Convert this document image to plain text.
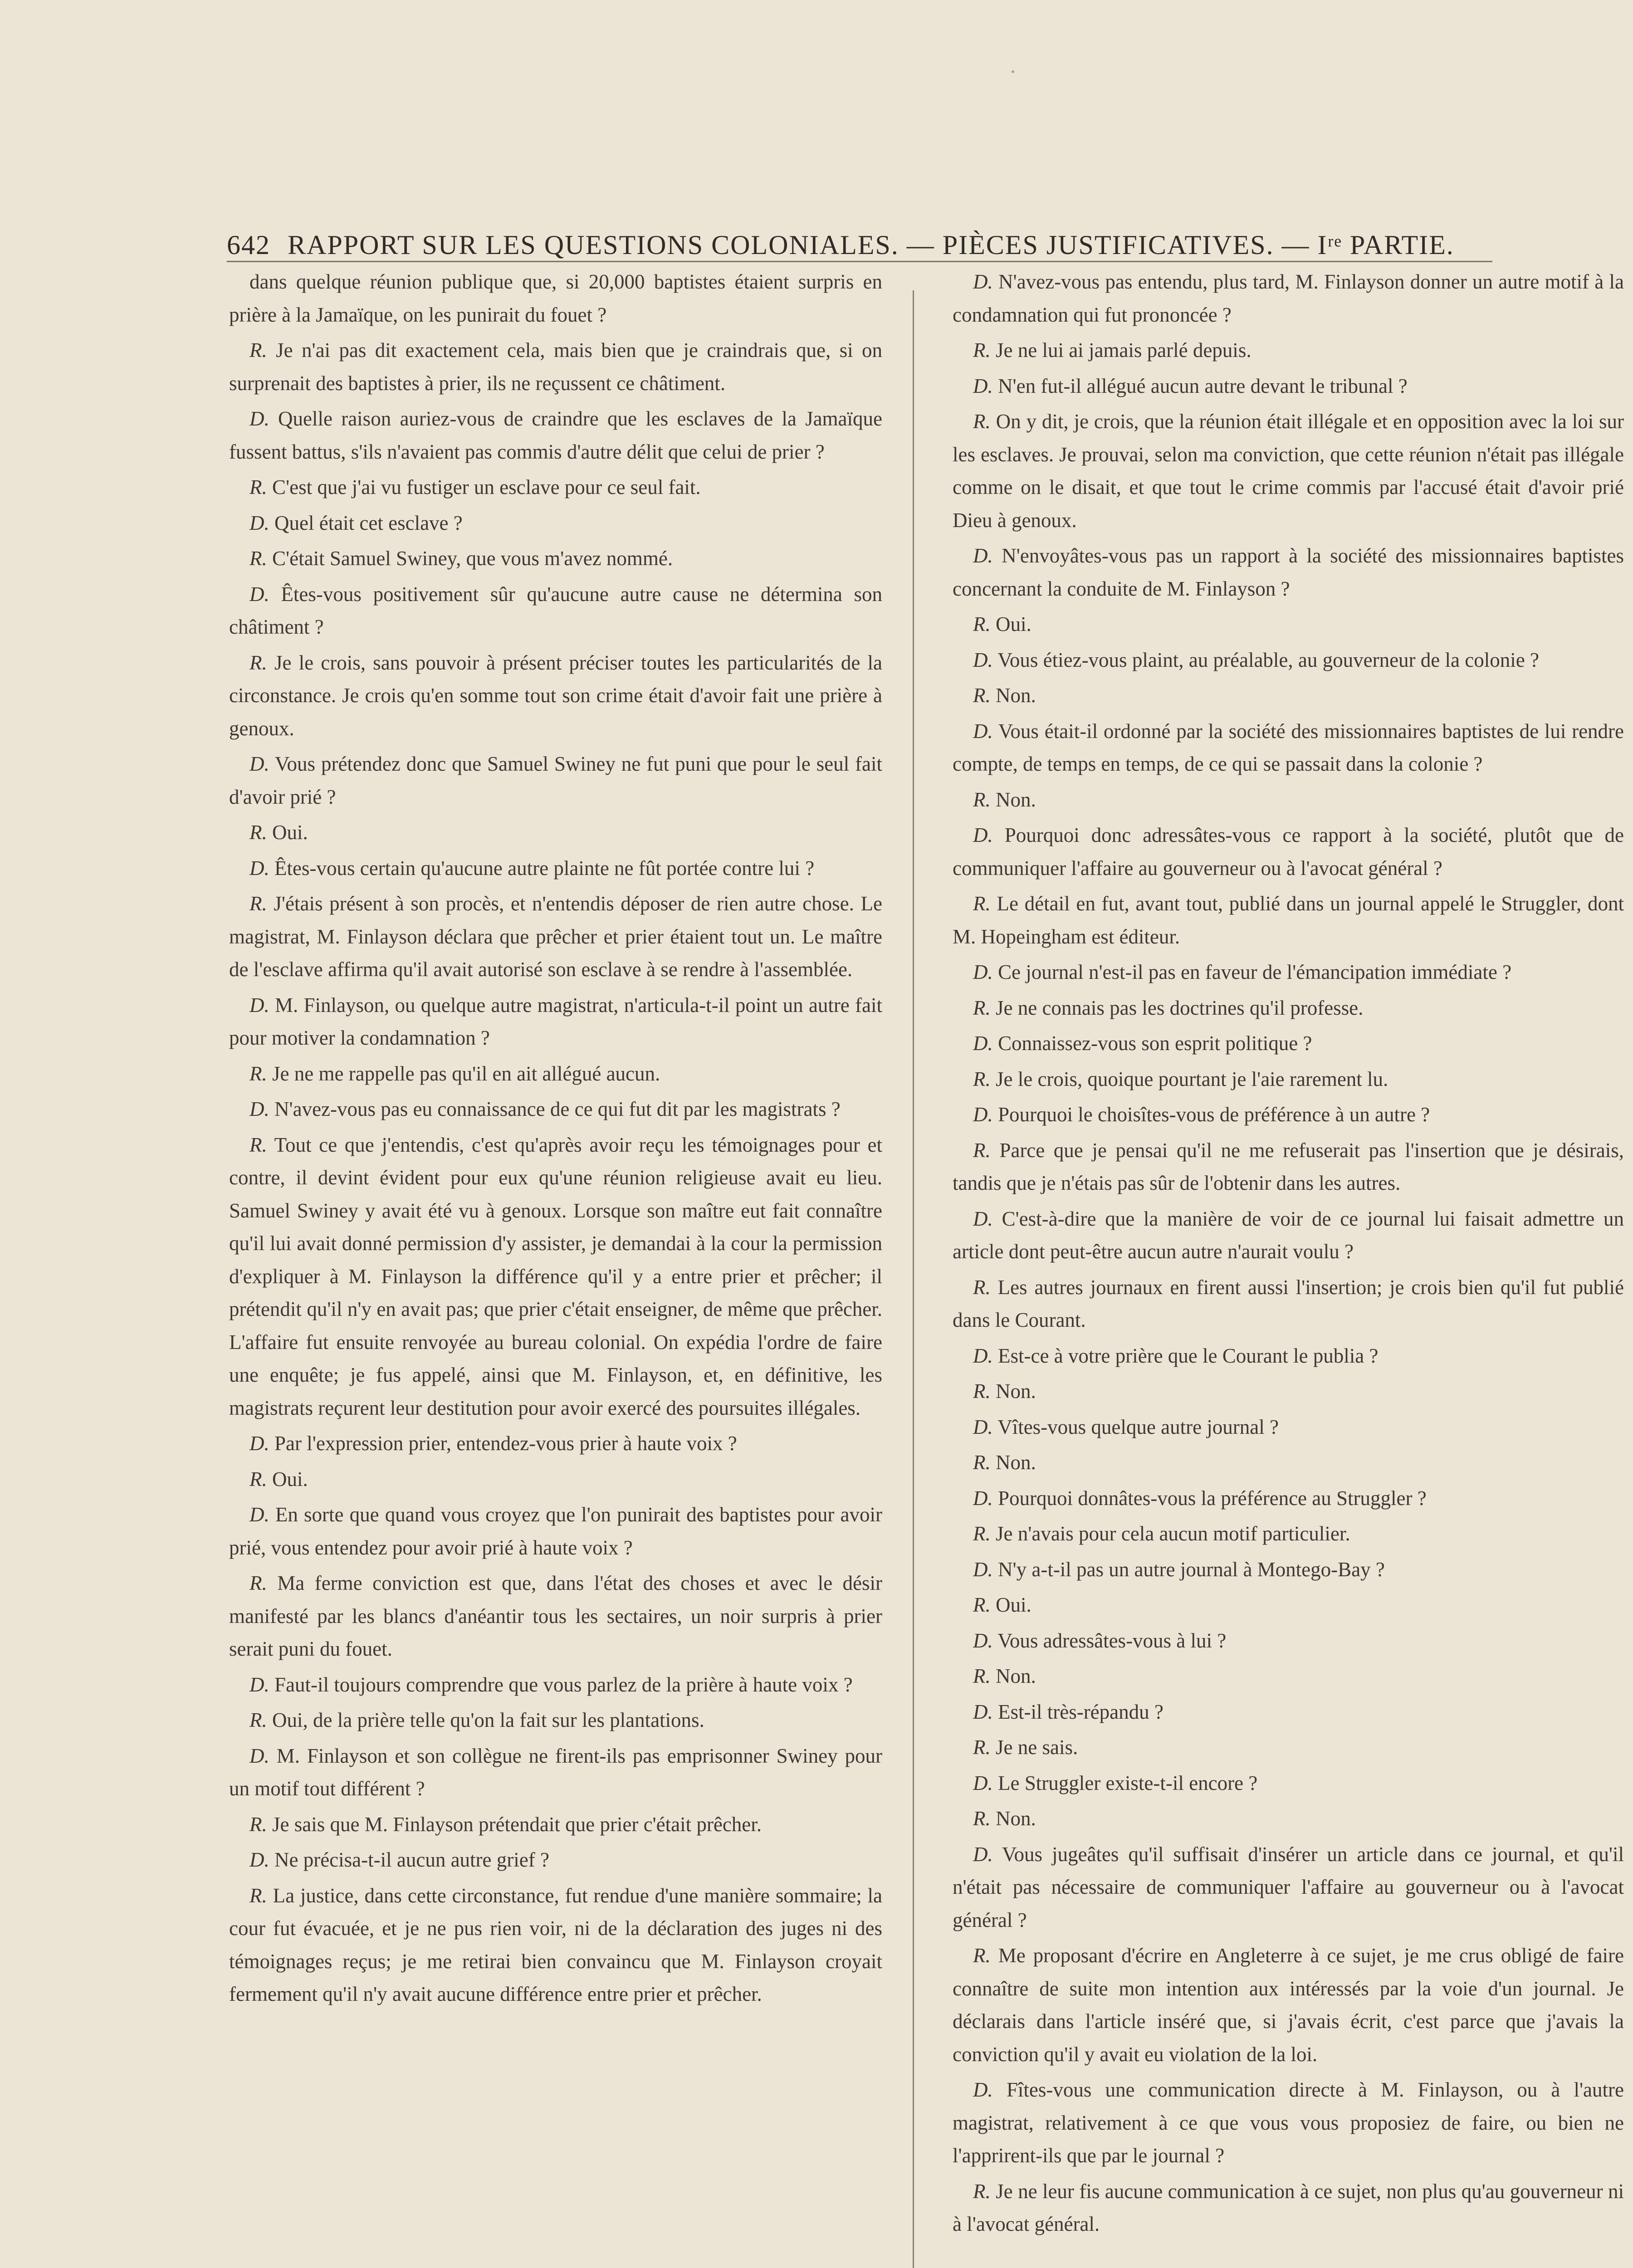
642 RAPPORT SUR LES QUESTIONS COLONIALES. — PIÈCES JUSTIFICATIVES. — Iʳᵉ PARTIE.

dans quelque réunion publique que, si 20,000 baptistes étaient surpris en prière à la Jamaïque, on les punirait du fouet ?

R. Je n'ai pas dit exactement cela, mais bien que je craindrais que, si on surprenait des baptistes à prier, ils ne reçussent ce châtiment.

D. Quelle raison auriez-vous de craindre que les esclaves de la Jamaïque fussent battus, s'ils n'avaient pas commis d'autre délit que celui de prier ?

R. C'est que j'ai vu fustiger un esclave pour ce seul fait.

D. Quel était cet esclave ?

R. C'était Samuel Swiney, que vous m'avez nommé.

D. Êtes-vous positivement sûr qu'aucune autre cause ne détermina son châtiment ?

R. Je le crois, sans pouvoir à présent préciser toutes les particularités de la circonstance. Je crois qu'en somme tout son crime était d'avoir fait une prière à genoux.

D. Vous prétendez donc que Samuel Swiney ne fut puni que pour le seul fait d'avoir prié ?

R. Oui.

D. Êtes-vous certain qu'aucune autre plainte ne fût portée contre lui ?

R. J'étais présent à son procès, et n'entendis déposer de rien autre chose. Le magistrat, M. Finlayson déclara que prêcher et prier étaient tout un. Le maître de l'esclave affirma qu'il avait autorisé son esclave à se rendre à l'assemblée.

D. M. Finlayson, ou quelque autre magistrat, n'articula-t-il point un autre fait pour motiver la condamnation ?

R. Je ne me rappelle pas qu'il en ait allégué aucun.

D. N'avez-vous pas eu connaissance de ce qui fut dit par les magistrats ?

R. Tout ce que j'entendis, c'est qu'après avoir reçu les témoignages pour et contre, il devint évident pour eux qu'une réunion religieuse avait eu lieu. Samuel Swiney y avait été vu à genoux. Lorsque son maître eut fait connaître qu'il lui avait donné permission d'y assister, je demandai à la cour la permission d'expliquer à M. Finlayson la différence qu'il y a entre prier et prêcher; il prétendit qu'il n'y en avait pas; que prier c'était enseigner, de même que prêcher. L'affaire fut ensuite renvoyée au bureau colonial. On expédia l'ordre de faire une enquête; je fus appelé, ainsi que M. Finlayson, et, en définitive, les magistrats reçurent leur destitution pour avoir exercé des poursuites illégales.

D. Par l'expression prier, entendez-vous prier à haute voix ?

R. Oui.

D. En sorte que quand vous croyez que l'on punirait des baptistes pour avoir prié, vous entendez pour avoir prié à haute voix ?

R. Ma ferme conviction est que, dans l'état des choses et avec le désir manifesté par les blancs d'anéantir tous les sectaires, un noir surpris à prier serait puni du fouet.

D. Faut-il toujours comprendre que vous parlez de la prière à haute voix ?

R. Oui, de la prière telle qu'on la fait sur les plantations.

D. M. Finlayson et son collègue ne firent-ils pas emprisonner Swiney pour un motif tout différent ?

R. Je sais que M. Finlayson prétendait que prier c'était prêcher.

D. Ne précisa-t-il aucun autre grief ?

R. La justice, dans cette circonstance, fut rendue d'une manière sommaire; la cour fut évacuée, et je ne pus rien voir, ni de la déclaration des juges ni des témoignages reçus; je me retirai bien convaincu que M. Finlayson croyait fermement qu'il n'y avait aucune différence entre prier et prêcher.

D. N'avez-vous pas entendu, plus tard, M. Finlayson donner un autre motif à la condamnation qui fut prononcée ?

R. Je ne lui ai jamais parlé depuis.

D. N'en fut-il allégué aucun autre devant le tribunal ?

R. On y dit, je crois, que la réunion était illégale et en opposition avec la loi sur les esclaves. Je prouvai, selon ma conviction, que cette réunion n'était pas illégale comme on le disait, et que tout le crime commis par l'accusé était d'avoir prié Dieu à genoux.

D. N'envoyâtes-vous pas un rapport à la société des missionnaires baptistes concernant la conduite de M. Finlayson ?

R. Oui.

D. Vous étiez-vous plaint, au préalable, au gouverneur de la colonie ?

R. Non.

D. Vous était-il ordonné par la société des missionnaires baptistes de lui rendre compte, de temps en temps, de ce qui se passait dans la colonie ?

R. Non.

D. Pourquoi donc adressâtes-vous ce rapport à la société, plutôt que de communiquer l'affaire au gouverneur ou à l'avocat général ?

R. Le détail en fut, avant tout, publié dans un journal appelé le Struggler, dont M. Hopeingham est éditeur.

D. Ce journal n'est-il pas en faveur de l'émancipation immédiate ?

R. Je ne connais pas les doctrines qu'il professe.

D. Connaissez-vous son esprit politique ?

R. Je le crois, quoique pourtant je l'aie rarement lu.

D. Pourquoi le choisîtes-vous de préférence à un autre ?

R. Parce que je pensai qu'il ne me refuserait pas l'insertion que je désirais, tandis que je n'étais pas sûr de l'obtenir dans les autres.

D. C'est-à-dire que la manière de voir de ce journal lui faisait admettre un article dont peut-être aucun autre n'aurait voulu ?

R. Les autres journaux en firent aussi l'insertion; je crois bien qu'il fut publié dans le Courant.

D. Est-ce à votre prière que le Courant le publia ?

R. Non.

D. Vîtes-vous quelque autre journal ?

R. Non.

D. Pourquoi donnâtes-vous la préférence au Struggler ?

R. Je n'avais pour cela aucun motif particulier.

D. N'y a-t-il pas un autre journal à Montego-Bay ?

R. Oui.

D. Vous adressâtes-vous à lui ?

R. Non.

D. Est-il très-répandu ?

R. Je ne sais.

D. Le Struggler existe-t-il encore ?

R. Non.

D. Vous jugeâtes qu'il suffisait d'insérer un article dans ce journal, et qu'il n'était pas nécessaire de communiquer l'affaire au gouverneur ou à l'avocat général ?

R. Me proposant d'écrire en Angleterre à ce sujet, je me crus obligé de faire connaître de suite mon intention aux intéressés par la voie d'un journal. Je déclarais dans l'article inséré que, si j'avais écrit, c'est parce que j'avais la conviction qu'il y avait eu violation de la loi.

D. Fîtes-vous une communication directe à M. Finlayson, ou à l'autre magistrat, relativement à ce que vous vous proposiez de faire, ou bien ne l'apprirent-ils que par le journal ?

R. Je ne leur fis aucune communication à ce sujet, non plus qu'au gouverneur ni à l'avocat général.
